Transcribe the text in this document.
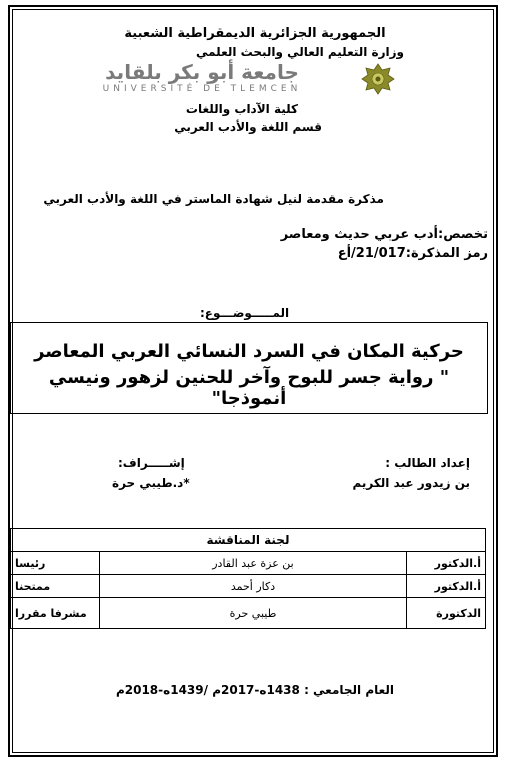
الجمهورية الجزائرية الديمقراطية الشعبية
وزارة التعليم العالي والبحث العلمي
جامعة أبو بكر بلقايد
UNIVERSITÉ DE TLEMCEN
كلية الآداب واللغات
قسم اللغة والأدب العربي
مذكرة مقدمة لنيل شهادة الماستر في اللغة والأدب العربي
تخصص:أدب عربي حديث ومعاصر
رمز المذكرة:21/017/أع
المـــــوضـــوع:
حركية المكان في السرد النسائي العربي المعاصر
" رواية جسر للبوح وآخر للحنين لزهور ونيسي أنموذجا"
إعداد الطالب :
بن زيدور عبد الكريم
إشـــــراف:
*د.طيبي حرة
لجنة المناقشة		
أ.الدكتور	بن عزة عبد القادر	رئيسا
أ.الدكتور	دكار أحمد	ممتحنا
الدكتورة	طيبي حرة	مشرفا مقررا
العام الجامعي : 1438ه-2017م /1439ه-2018م
